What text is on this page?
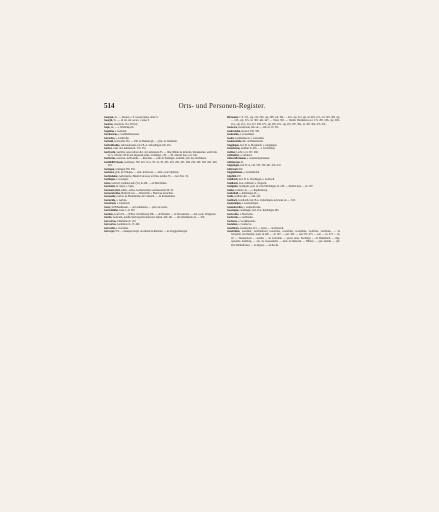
514	Orts- und Personen-Register.

Georgen, St. —, Kloster, s. S. Georgi minor, unter S.

Georgii, St. —, ad vel. ant. secul., s. unter S.

Georius, canonicus 154. 203 (2).

Gepe, de. — s. Wiebillapsch.

Gepelina, s. Gebnard.

Geraberean, s. Gerhildisbereesen.

Gerardus, s. Gerhardus.

Gerbald, Gerboldus 332. — 436. de Bunshecgh. — pfab. de Tentmann.

Gerboldiselles, Gebbordeselies, bed. B. A. Ueberlingen 220. 201.

Gerbot, cantr. de Liudifasia m. 172. 374.

Gerbrecht, Gerbrhe, sener Albert dict. de Liebenstein 35. — filia Othinis de Albeidis, Monasterike, welch mis m. S. 126 mit 130 in den Regesten beine. Lichtinger, 133. — 82. Oberall Zue a.d.i. 342.

Gerbertus, Gerertus, de Bruenlia. — Rinoldus. — plab de Tenlingen. Gerbhilt, fam. des. Richtherte.

Gerhildirbrissem, Grubtuero 330. 461. O.A. 58. 34. 38. 263. 263. 264. 265. 208. 230. 299. 328. 462. 400. 401.

Geringen, Guringen 330. 332.

Gerlanca, plab. Zo Elingen. — sold. de Rievara. — nam. scole Siphrons.

Gerlaisheim, Gerlarbertus, Heinrich de sacer et filius, nobiles 35. — bed. B.A. 56.

Gerlingen, s. Geringen.

Gerlo, Gerloch, Gerlimas mil. (St.) in 430. — de Herlchehan.

Germand, de capite, s. Spira.

Germanwylter, erhier, -erilter, Germanwilter, Germanswiler 90. 95.

Gernerobricke, Heinrich von —, Marschall, s. Henricus marschalc.

Gerneodie, Gerner, de Herkomathe, Ab Cinnerm. — de Ronnematlar.

Gerneride, s. Gerbrie.

Geresbach, s. Jonarbach.

Gerer, de Billenhausen. — de Lieinmstein. — plab. de Gasda.

Gertruhildes, bater. L.O. 367.

Gerelles, Greif 470. — (Eftlel. Zwölfslaten) 596. — de Durbeth. — de Rowenstein. — dan. scole. Wingiense.

Gertlis, Gertrudis, Adelin-Sterbergsrich Annecalt, minen, 459. 461. — alla Wennherrns m. — 459.

Gerwartae, Chirmethe m. 119.

Gerwartus, Gerinlarus m. 13. 469.

Gerwrelle, s. Gertrudis.

Gerwrges 372. — muniper hospit. de Albain de Rherlant. — de Zruggerinbergen.

Hermanns 7. 8. 121., sig. 122. 263., sig. 208. sch. 304. — 212., sig. 212. sgl. sol 463. 211., sol. 301. 305. sig. — 213., sig. 315., m. 365. 442. 447. — Wern. 365. — Wernh. Wernharrus sol. 174. 205. 206., sig. 206., 212., sig. 212., 214. 215. 238. 275., sig. 285. 291., sig. 291. 297. 304., m. 305. 364. 473. 474.

Geuwara, Genabrook, Otto de —, mil. m. 10. 331.

Geuivetulen, Keawol 330. 358.

Godesahtu, s. Gotesbiken.

Goder, Godsbrikke m. s. Gossellins.

Gadeacarkhe abb. de Bennenbach.

Göggingen, bed. B. A. Mosskirch, s. Göggingen.

Goteshorne, Gebhart m. Pfb. — s. Taobembrg.

Gobber, Lacht. L.O. 267. 268.

Gobbehurt, s. Gebnard.

Göhrerdbrunnen, s. Gennaerispbrunnen.

Göbnkorjes 41.

Göppingen, bed. B. A. 143. 333. 339. 401. 416. 472.

Göbrzsolt 450.

Göggiehdeum, s. Götzlinhofen.

Göjsbiih 237.

Goldbach, bed. B. A. Überlingen, s. Goltbach.

Goldbach, O.A. Gültbach, s. Wolpach.

Goldgelte, Goldigsrn, pont. de villa Tharlängen, m. 239. — Klullen dica. — m. 297.

Gollar, Golleris, de —, s. Raphensberg.

Gollerhall, s. Amsbaigen im —.

Golln, Gelhass dict. — 244. 245.

Goltbach, Goldbach, bed. B.A. Ueberlingen, Arwlodes de —, 343.

Gongstingen, s. Gazzestingen.

Gonnoltswilre, s. Gonnoltswiler.

Gosenigen, Gonningen, bed. O.A. Reutlingen 483.

Goriswilre, s. Bartswilre.

Gosbertus, s. Gebhardus.

Goslarno, s. Goslnhaertena.

Gosleben, s. Cosmucca.

Gotebhure, Gottshorme 413. — Lieba. — de Wernach.

Gotefriduis, Gotefrim, Gottfrindwert Gonofrino, Godefrina, Godefrime, Gottfrino, Gebfrides. — de Scherbalt, des Rettenn, sexer. in 400. — m. 367. — sen. 362. — den 473. 475. — sen. — m. 473. — m. 10. — Wedeerebert. — decimo — de Cruttuinn. — pastor exeis. Fooltinga. — de Hehenburh. — mgr. operantis. Kamborg. — can. de Lossaesrichs. — mon. de Meneran. — Blitters. — gen. nebulis. — plb. mil. Mohlenbruen. — de Rypera. — de Rocha.
